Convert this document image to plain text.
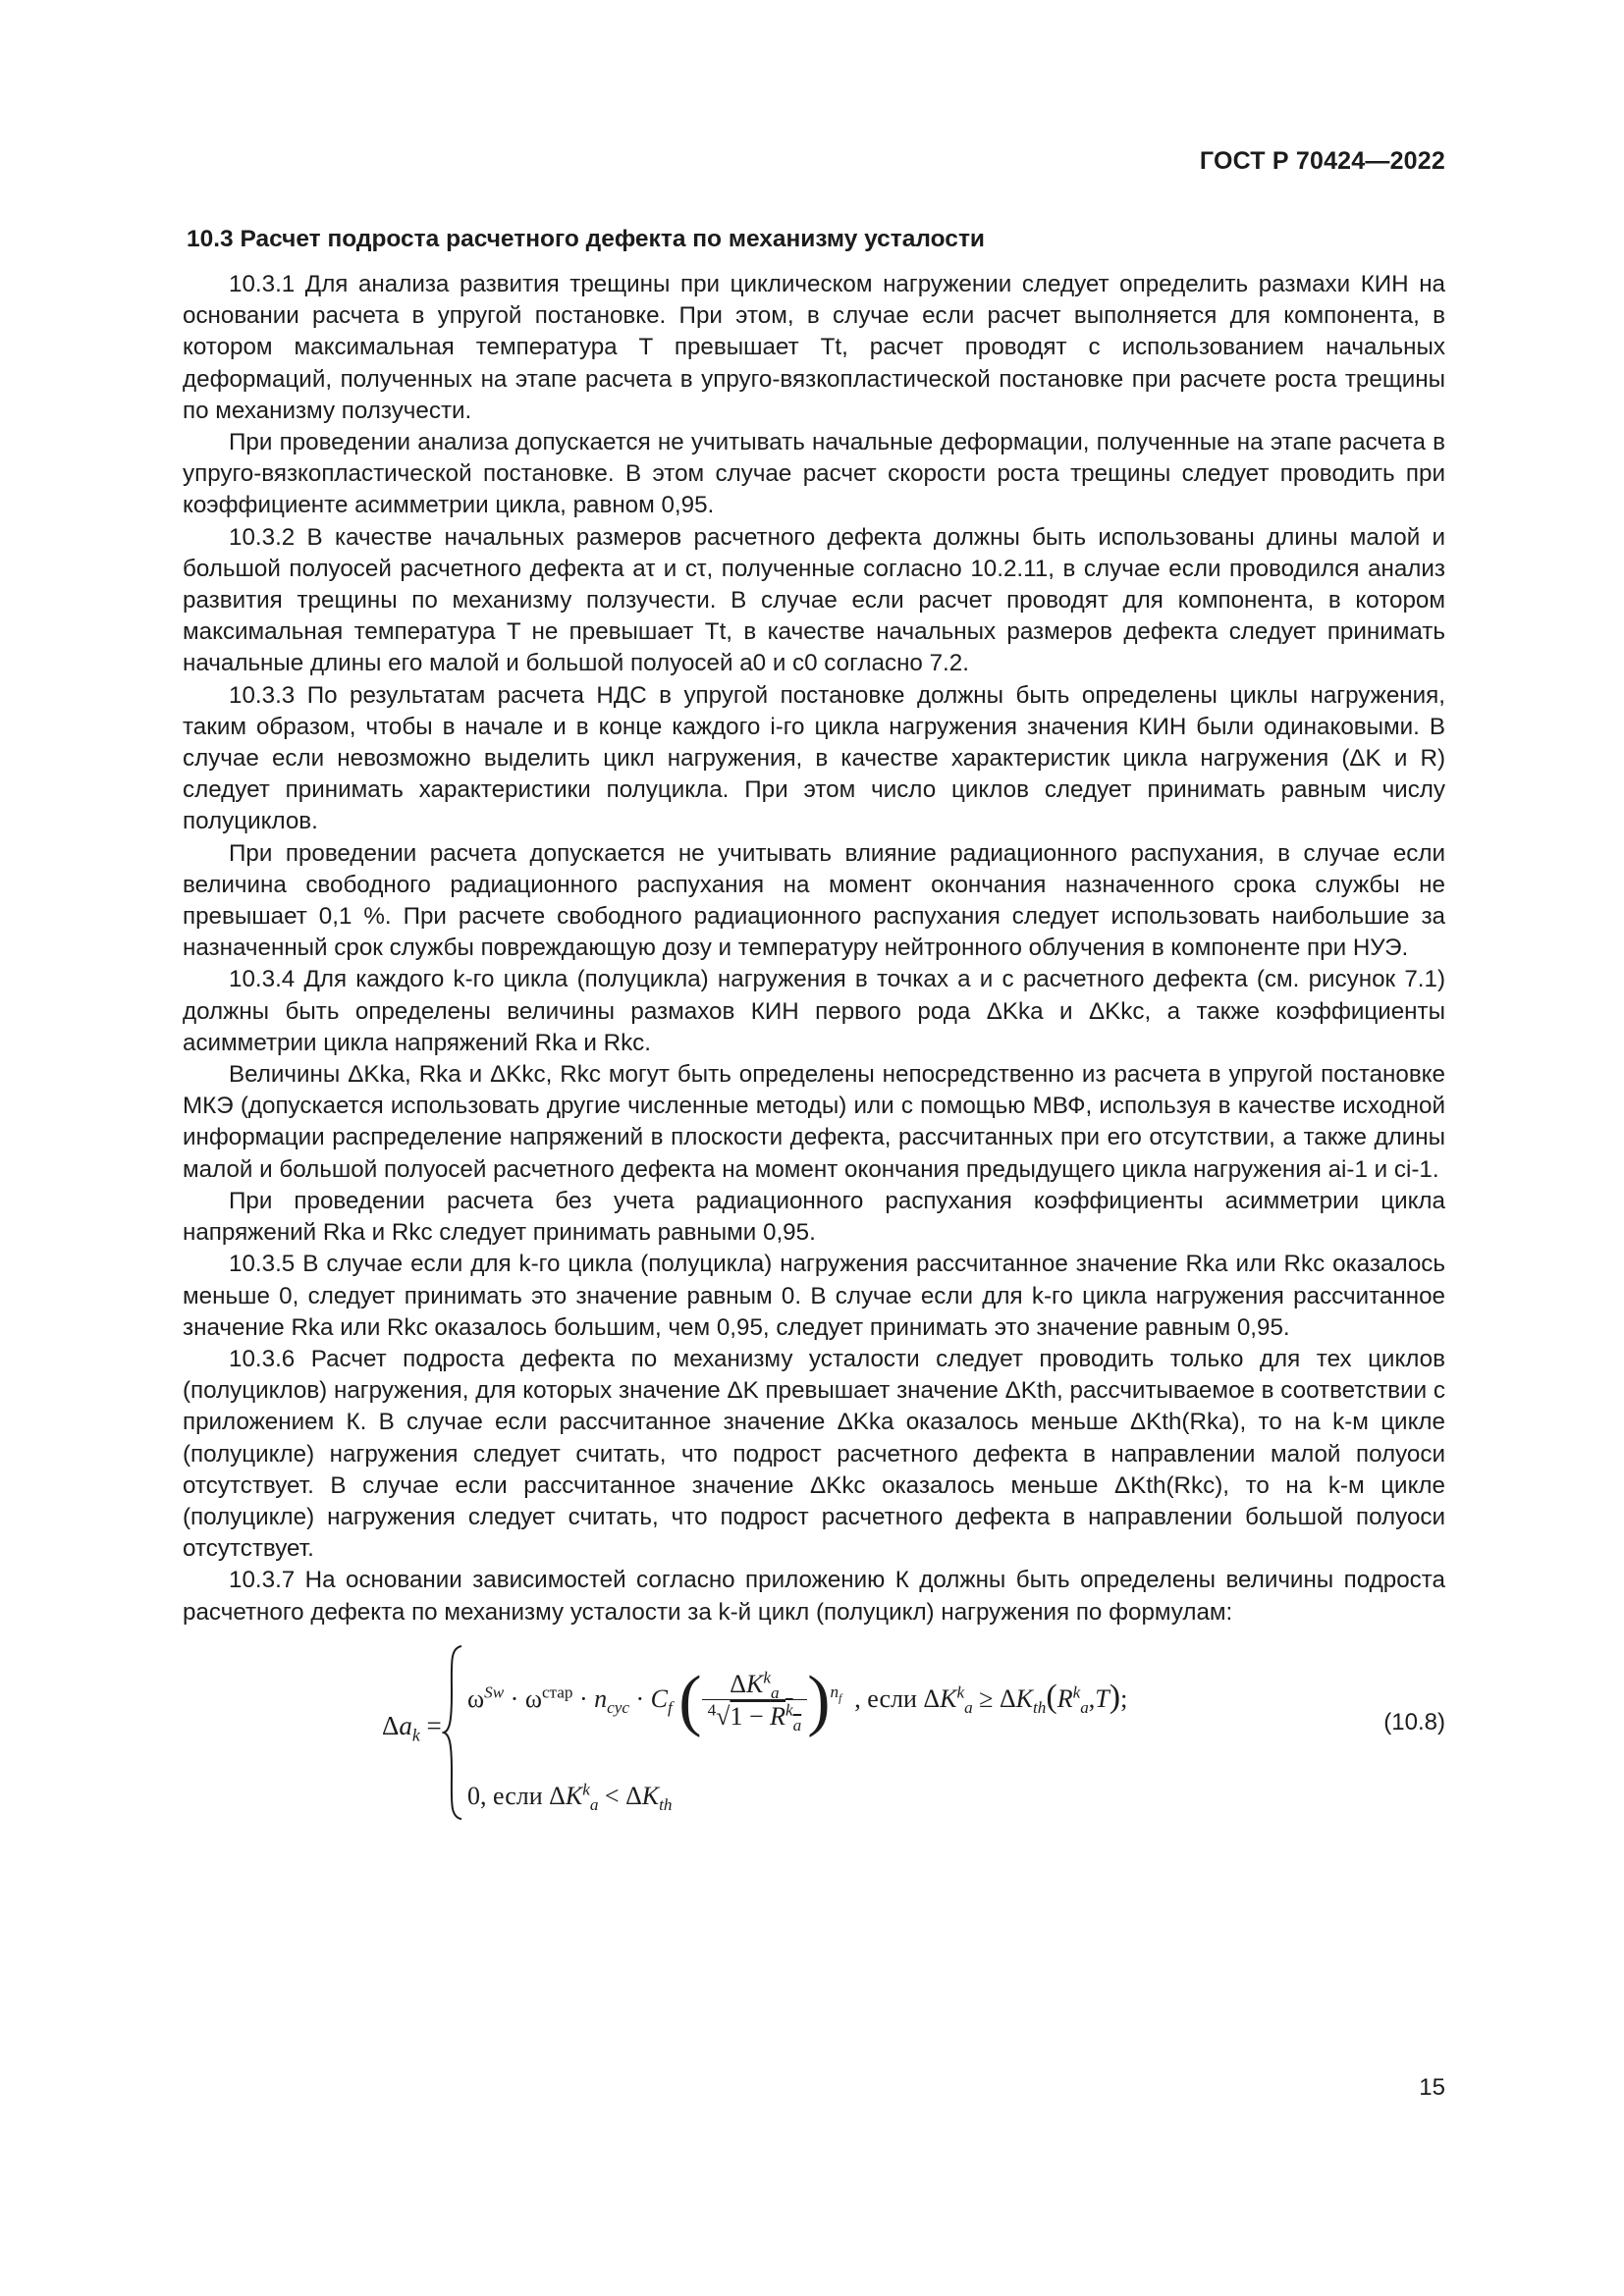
ГОСТ Р 70424—2022
10.3 Расчет подроста расчетного дефекта по механизму усталости

10.3.1 Для анализа развития трещины при циклическом нагружении следует определить размахи КИН на основании расчета в упругой постановке. При этом, в случае если расчет выполняется для компонента, в котором максимальная температура T превышает Tt, расчет проводят с использованием начальных деформаций, полученных на этапе расчета в упруго-вязкопластической постановке при расчете роста трещины по механизму ползучести.

При проведении анализа допускается не учитывать начальные деформации, полученные на этапе расчета в упруго-вязкопластической постановке. В этом случае расчет скорости роста трещины следует проводить при коэффициенте асимметрии цикла, равном 0,95.

10.3.2 В качестве начальных размеров расчетного дефекта должны быть использованы длины малой и большой полуосей расчетного дефекта aτ и cτ, полученные согласно 10.2.11, в случае если проводился анализ развития трещины по механизму ползучести. В случае если расчет проводят для компонента, в котором максимальная температура T не превышает Tt, в качестве начальных размеров дефекта следует принимать начальные длины его малой и большой полуосей a0 и c0 согласно 7.2.

10.3.3 По результатам расчета НДС в упругой постановке должны быть определены циклы нагружения, таким образом, чтобы в начале и в конце каждого i-го цикла нагружения значения КИН были одинаковыми. В случае если невозможно выделить цикл нагружения, в качестве характеристик цикла нагружения (ΔK и R) следует принимать характеристики полуцикла. При этом число циклов следует принимать равным числу полуциклов.

При проведении расчета допускается не учитывать влияние радиационного распухания, в случае если величина свободного радиационного распухания на момент окончания назначенного срока службы не превышает 0,1 %. При расчете свободного радиационного распухания следует использовать наибольшие за назначенный срок службы повреждающую дозу и температуру нейтронного облучения в компоненте при НУЭ.

10.3.4 Для каждого k-го цикла (полуцикла) нагружения в точках a и c расчетного дефекта (см. рисунок 7.1) должны быть определены величины размахов КИН первого рода ΔKka и ΔKkc, а также коэффициенты асимметрии цикла напряжений Rka и Rkc.

Величины ΔKka, Rka и ΔKkc, Rkc могут быть определены непосредственно из расчета в упругой постановке МКЭ (допускается использовать другие численные методы) или с помощью МВФ, используя в качестве исходной информации распределение напряжений в плоскости дефекта, рассчитанных при его отсутствии, а также длины малой и большой полуосей расчетного дефекта на момент окончания предыдущего цикла нагружения ai-1 и ci-1.

При проведении расчета без учета радиационного распухания коэффициенты асимметрии цикла напряжений Rka и Rkc следует принимать равными 0,95.

10.3.5 В случае если для k-го цикла (полуцикла) нагружения рассчитанное значение Rka или Rkc оказалось меньше 0, следует принимать это значение равным 0. В случае если для k-го цикла нагружения рассчитанное значение Rka или Rkc оказалось большим, чем 0,95, следует принимать это значение равным 0,95.

10.3.6 Расчет подроста дефекта по механизму усталости следует проводить только для тех циклов (полуциклов) нагружения, для которых значение ΔK превышает значение ΔKth, рассчитываемое в соответствии с приложением К. В случае если рассчитанное значение ΔKka оказалось меньше ΔKth(Rka), то на k-м цикле (полуцикле) нагружения следует считать, что подрост расчетного дефекта в направлении малой полуоси отсутствует. В случае если рассчитанное значение ΔKkc оказалось меньше ΔKth(Rkc), то на k-м цикле (полуцикле) нагружения следует считать, что подрост расчетного дефекта в направлении большой полуоси отсутствует.

10.3.7 На основании зависимостей согласно приложению К должны быть определены величины подроста расчетного дефекта по механизму усталости за k-й цикл (полуцикл) нагружения по формулам:

$\Delta a_k$ =
$\omega^{Sw} \cdot \omega^{стар} \cdot n_{cyc} \cdot C_f$ ( $\frac{\Delta K^k_a}{^4√1 - R^k_a} )^{n_f}$ , если $\Delta K^k_a \ge \Delta K_{th}(R^k_a,T)$;
0, если $\Delta K^k_a < \Delta K_{th}$
(10.8)
15
